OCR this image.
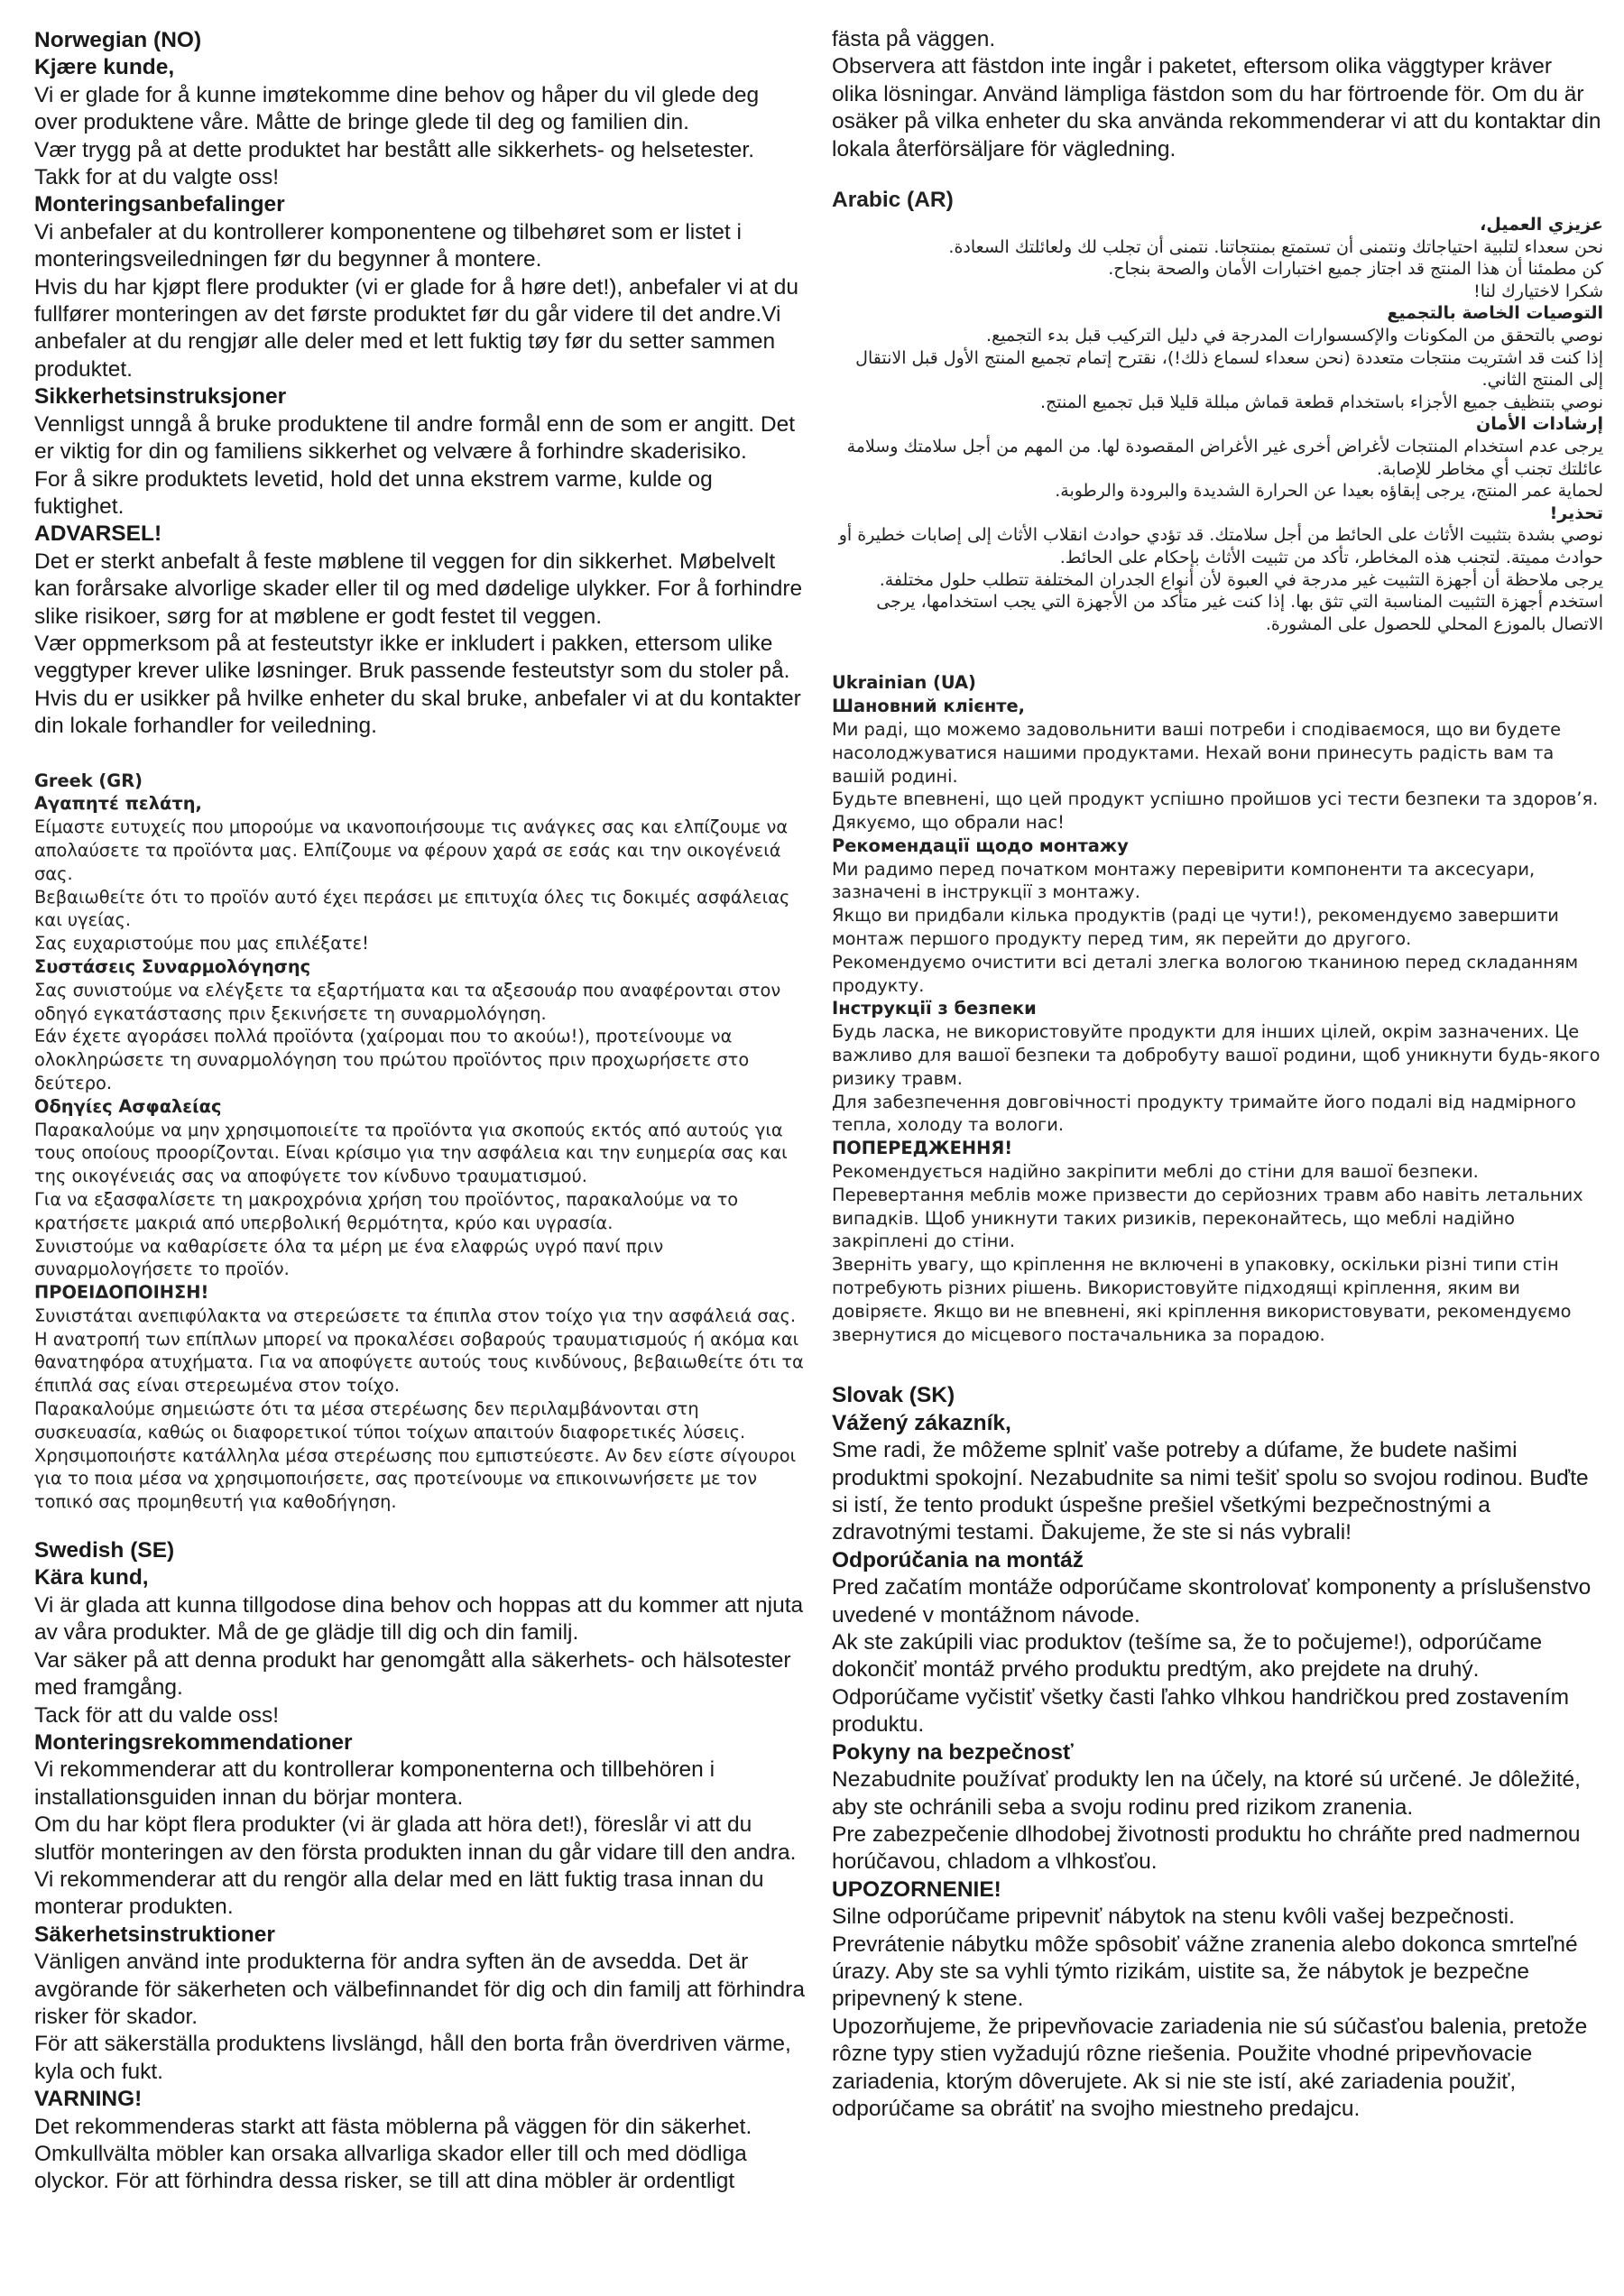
Norwegian (NO)
Kjære kunde,

Vi er glade for å kunne imøtekomme dine behov og håper du vil glede deg over produktene våre. Måtte de bringe glede til deg og familien din.

Vær trygg på at dette produktet har bestått alle sikkerhets- og helsetester.

Takk for at du valgte oss!

Monteringsanbefalinger

Vi anbefaler at du kontrollerer komponentene og tilbehøret som er listet i monteringsveiledningen før du begynner å montere.

Hvis du har kjøpt flere produkter (vi er glade for å høre det!), anbefaler vi at du fullfører monteringen av det første produktet før du går videre til det andre.Vi anbefaler at du rengjør alle deler med et lett fuktig tøy før du setter sammen produktet.

Sikkerhetsinstruksjoner

Vennligst unngå å bruke produktene til andre formål enn de som er angitt. Det er viktig for din og familiens sikkerhet og velvære å forhindre skaderisiko.

For å sikre produktets levetid, hold det unna ekstrem varme, kulde og fuktighet.

ADVARSEL!

Det er sterkt anbefalt å feste møblene til veggen for din sikkerhet. Møbelvelt kan forårsake alvorlige skader eller til og med dødelige ulykker. For å forhindre slike risikoer, sørg for at møblene er godt festet til veggen.

Vær oppmerksom på at festeutstyr ikke er inkludert i pakken, ettersom ulike veggtyper krever ulike løsninger. Bruk passende festeutstyr som du stoler på. Hvis du er usikker på hvilke enheter du skal bruke, anbefaler vi at du kontakter din lokale forhandler for veiledning.

Greek (GR)
Αγαπητέ πελάτη,

Είμαστε ευτυχείς που μπορούμε να ικανοποιήσουμε τις ανάγκες σας και ελπίζουμε να απολαύσετε τα προϊόντα μας. Ελπίζουμε να φέρουν χαρά σε εσάς και την οικογένειά σας.

Βεβαιωθείτε ότι το προϊόν αυτό έχει περάσει με επιτυχία όλες τις δοκιμές ασφάλειας και υγείας.

Σας ευχαριστούμε που μας επιλέξατε!

Συστάσεις Συναρμολόγησης

Σας συνιστούμε να ελέγξετε τα εξαρτήματα και τα αξεσουάρ που αναφέρονται στον οδηγό εγκατάστασης πριν ξεκινήσετε τη συναρμολόγηση.

Εάν έχετε αγοράσει πολλά προϊόντα (χαίρομαι που το ακούω!), προτείνουμε να ολοκληρώσετε τη συναρμολόγηση του πρώτου προϊόντος πριν προχωρήσετε στο δεύτερο.

Οδηγίες Ασφαλείας

Παρακαλούμε να μην χρησιμοποιείτε τα προϊόντα για σκοπούς εκτός από αυτούς για τους οποίους προορίζονται. Είναι κρίσιμο για την ασφάλεια και την ευημερία σας και της οικογένειάς σας να αποφύγετε τον κίνδυνο τραυματισμού.

Για να εξασφαλίσετε τη μακροχρόνια χρήση του προϊόντος, παρακαλούμε να το κρατήσετε μακριά από υπερβολική θερμότητα, κρύο και υγρασία.

Συνιστούμε να καθαρίσετε όλα τα μέρη με ένα ελαφρώς υγρό πανί πριν συναρμολογήσετε το προϊόν.

ΠΡΟΕΙΔΟΠΟΙΗΣΗ!

Συνιστάται ανεπιφύλακτα να στερεώσετε τα έπιπλα στον τοίχο για την ασφάλειά σας. Η ανατροπή των επίπλων μπορεί να προκαλέσει σοβαρούς τραυματισμούς ή ακόμα και θανατηφόρα ατυχήματα. Για να αποφύγετε αυτούς τους κινδύνους, βεβαιωθείτε ότι τα έπιπλά σας είναι στερεωμένα στον τοίχο.

Παρακαλούμε σημειώστε ότι τα μέσα στερέωσης δεν περιλαμβάνονται στη συσκευασία, καθώς οι διαφορετικοί τύποι τοίχων απαιτούν διαφορετικές λύσεις. Χρησιμοποιήστε κατάλληλα μέσα στερέωσης που εμπιστεύεστε. Αν δεν είστε σίγουροι για το ποια μέσα να χρησιμοποιήσετε, σας προτείνουμε να επικοινωνήσετε με τον τοπικό σας προμηθευτή για καθοδήγηση.

Swedish (SE)
Kära kund,

Vi är glada att kunna tillgodose dina behov och hoppas att du kommer att njuta av våra produkter. Må de ge glädje till dig och din familj.

Var säker på att denna produkt har genomgått alla säkerhets- och hälsotester med framgång.

Tack för att du valde oss!

Monteringsrekommendationer

Vi rekommenderar att du kontrollerar komponenterna och tillbehören i installationsguiden innan du börjar montera.

Om du har köpt flera produkter (vi är glada att höra det!), föreslår vi att du slutför monteringen av den första produkten innan du går vidare till den andra.

Vi rekommenderar att du rengör alla delar med en lätt fuktig trasa innan du monterar produkten.

Säkerhetsinstruktioner

Vänligen använd inte produkterna för andra syften än de avsedda. Det är avgörande för säkerheten och välbefinnandet för dig och din familj att förhindra risker för skador.

För att säkerställa produktens livslängd, håll den borta från överdriven värme, kyla och fukt.

VARNING!

Det rekommenderas starkt att fästa möblerna på väggen för din säkerhet. Omkullvälta möbler kan orsaka allvarliga skador eller till och med dödliga olyckor. För att förhindra dessa risker, se till att dina möbler är ordentligt

fästa på väggen.

Observera att fästdon inte ingår i paketet, eftersom olika väggtyper kräver olika lösningar. Använd lämpliga fästdon som du har förtroende för. Om du är osäker på vilka enheter du ska använda rekommenderar vi att du kontaktar din lokala återförsäljare för vägledning.

Arabic (AR)
عزيزي العميل،

نحن سعداء لتلبية احتياجاتك ونتمنى أن تستمتع بمنتجاتنا. نتمنى أن تجلب لك ولعائلتك السعادة.

كن مطمئنا أن هذا المنتج قد اجتاز جميع اختبارات الأمان والصحة بنجاح.

شكرا لاختيارك لنا!

التوصيات الخاصة بالتجميع

نوصي بالتحقق من المكونات والإكسسوارات المدرجة في دليل التركيب قبل بدء التجميع.

إذا كنت قد اشتريت منتجات متعددة (نحن سعداء لسماع ذلك!)، نقترح إتمام تجميع المنتج الأول قبل الانتقال إلى المنتج الثاني.

نوصي بتنظيف جميع الأجزاء باستخدام قطعة قماش مبللة قليلا قبل تجميع المنتج.

إرشادات الأمان

يرجى عدم استخدام المنتجات لأغراض أخرى غير الأغراض المقصودة لها. من المهم من أجل سلامتك وسلامة عائلتك تجنب أي مخاطر للإصابة.

لحماية عمر المنتج، يرجى إبقاؤه بعيدا عن الحرارة الشديدة والبرودة والرطوبة.

تحذير!

نوصي بشدة بتثبيت الأثاث على الحائط من أجل سلامتك. قد تؤدي حوادث انقلاب الأثاث إلى إصابات خطيرة أو حوادث مميتة. لتجنب هذه المخاطر، تأكد من تثبيت الأثاث بإحكام على الحائط.

يرجى ملاحظة أن أجهزة التثبيت غير مدرجة في العبوة لأن أنواع الجدران المختلفة تتطلب حلول مختلفة. استخدم أجهزة التثبيت المناسبة التي تثق بها. إذا كنت غير متأكد من الأجهزة التي يجب استخدامها، يرجى الاتصال بالموزع المحلي للحصول على المشورة.

Ukrainian (UA)
Шановний клієнте,

Ми раді, що можемо задовольнити ваші потреби і сподіваємося, що ви будете насолоджуватися нашими продуктами. Нехай вони принесуть радість вам та вашій родині.

Будьте впевнені, що цей продукт успішно пройшов усі тести безпеки та здоров’я.

Дякуємо, що обрали нас!

Рекомендації щодо монтажу

Ми радимо перед початком монтажу перевірити компоненти та аксесуари, зазначені в інструкції з монтажу.

Якщо ви придбали кілька продуктів (раді це чути!), рекомендуємо завершити монтаж першого продукту перед тим, як перейти до другого.

Рекомендуємо очистити всі деталі злегка вологою тканиною перед складанням продукту.

Інструкції з безпеки

Будь ласка, не використовуйте продукти для інших цілей, окрім зазначених. Це важливо для вашої безпеки та добробуту вашої родини, щоб уникнути будь-якого ризику травм.

Для забезпечення довговічності продукту тримайте його подалі від надмірного тепла, холоду та вологи.

ПОПЕРЕДЖЕННЯ!

Рекомендується надійно закріпити меблі до стіни для вашої безпеки. Перевертання меблів може призвести до серйозних травм або навіть летальних випадків. Щоб уникнути таких ризиків, переконайтесь, що меблі надійно закріплені до стіни.

Зверніть увагу, що кріплення не включені в упаковку, оскільки різні типи стін потребують різних рішень. Використовуйте підходящі кріплення, яким ви довіряєте. Якщо ви не впевнені, які кріплення використовувати, рекомендуємо звернутися до місцевого постачальника за порадою.

Slovak (SK)
Vážený zákazník,

Sme radi, že môžeme splniť vaše potreby a dúfame, že budete našimi produktmi spokojní. Nezabudnite sa nimi tešiť spolu so svojou rodinou. Buďte si istí, že tento produkt úspešne prešiel všetkými bezpečnostnými a zdravotnými testami. Ďakujeme, že ste si nás vybrali!

Odporúčania na montáž

Pred začatím montáže odporúčame skontrolovať komponenty a príslušenstvo uvedené v montážnom návode.

Ak ste zakúpili viac produktov (tešíme sa, že to počujeme!), odporúčame dokončiť montáž prvého produktu predtým, ako prejdete na druhý.

Odporúčame vyčistiť všetky časti ľahko vlhkou handričkou pred zostavením produktu.

Pokyny na bezpečnosť

Nezabudnite používať produkty len na účely, na ktoré sú určené. Je dôležité, aby ste ochránili seba a svoju rodinu pred rizikom zranenia.

Pre zabezpečenie dlhodobej životnosti produktu ho chráňte pred nadmernou horúčavou, chladom a vlhkosťou.

UPOZORNENIE!

Silne odporúčame pripevniť nábytok na stenu kvôli vašej bezpečnosti. Prevrátenie nábytku môže spôsobiť vážne zranenia alebo dokonca smrteľné úrazy. Aby ste sa vyhli týmto rizikám, uistite sa, že nábytok je bezpečne pripevnený k stene.

Upozorňujeme, že pripevňovacie zariadenia nie sú súčasťou balenia, pretože rôzne typy stien vyžadujú rôzne riešenia. Použite vhodné pripevňovacie zariadenia, ktorým dôverujete. Ak si nie ste istí, aké zariadenia použiť, odporúčame sa obrátiť na svojho miestneho predajcu.
